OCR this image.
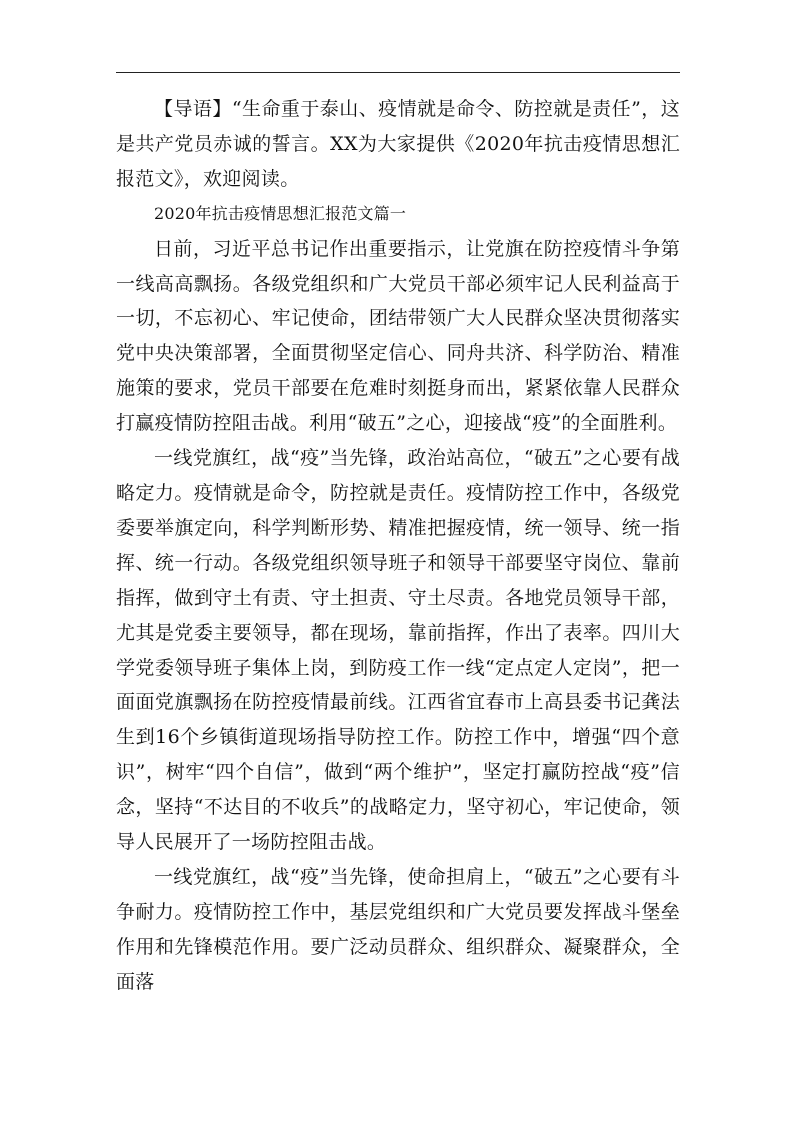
【导语】“生命重于泰山、疫情就是命令、防控就是责任”，这是共产党员赤诚的誓言。XX为大家提供《2020年抗击疫情思想汇报范文》，欢迎阅读。

2020年抗击疫情思想汇报范文篇一

日前，习近平总书记作出重要指示，让党旗在防控疫情斗争第一线高高飘扬。各级党组织和广大党员干部必须牢记人民利益高于一切，不忘初心、牢记使命，团结带领广大人民群众坚决贯彻落实党中央决策部署，全面贯彻坚定信心、同舟共济、科学防治、精准施策的要求，党员干部要在危难时刻挺身而出，紧紧依靠人民群众打赢疫情防控阻击战。利用“破五”之心，迎接战“疫”的全面胜利。

一线党旗红，战“疫”当先锋，政治站高位，“破五”之心要有战略定力。疫情就是命令，防控就是责任。疫情防控工作中，各级党委要举旗定向，科学判断形势、精准把握疫情，统一领导、统一指挥、统一行动。各级党组织领导班子和领导干部要坚守岗位、靠前指挥，做到守土有责、守土担责、守土尽责。各地党员领导干部，尤其是党委主要领导，都在现场，靠前指挥，作出了表率。四川大学党委领导班子集体上岗，到防疫工作一线“定点定人定岗”，把一面面党旗飘扬在防控疫情最前线。江西省宜春市上高县委书记龚法生到16个乡镇街道现场指导防控工作。防控工作中，增强“四个意识”，树牢“四个自信”，做到“两个维护”，坚定打赢防控战“疫”信念，坚持“不达目的不收兵”的战略定力，坚守初心，牢记使命，领导人民展开了一场防控阻击战。

一线党旗红，战“疫”当先锋，使命担肩上，“破五”之心要有斗争耐力。疫情防控工作中，基层党组织和广大党员要发挥战斗堡垒作用和先锋模范作用。要广泛动员群众、组织群众、凝聚群众，全面落
